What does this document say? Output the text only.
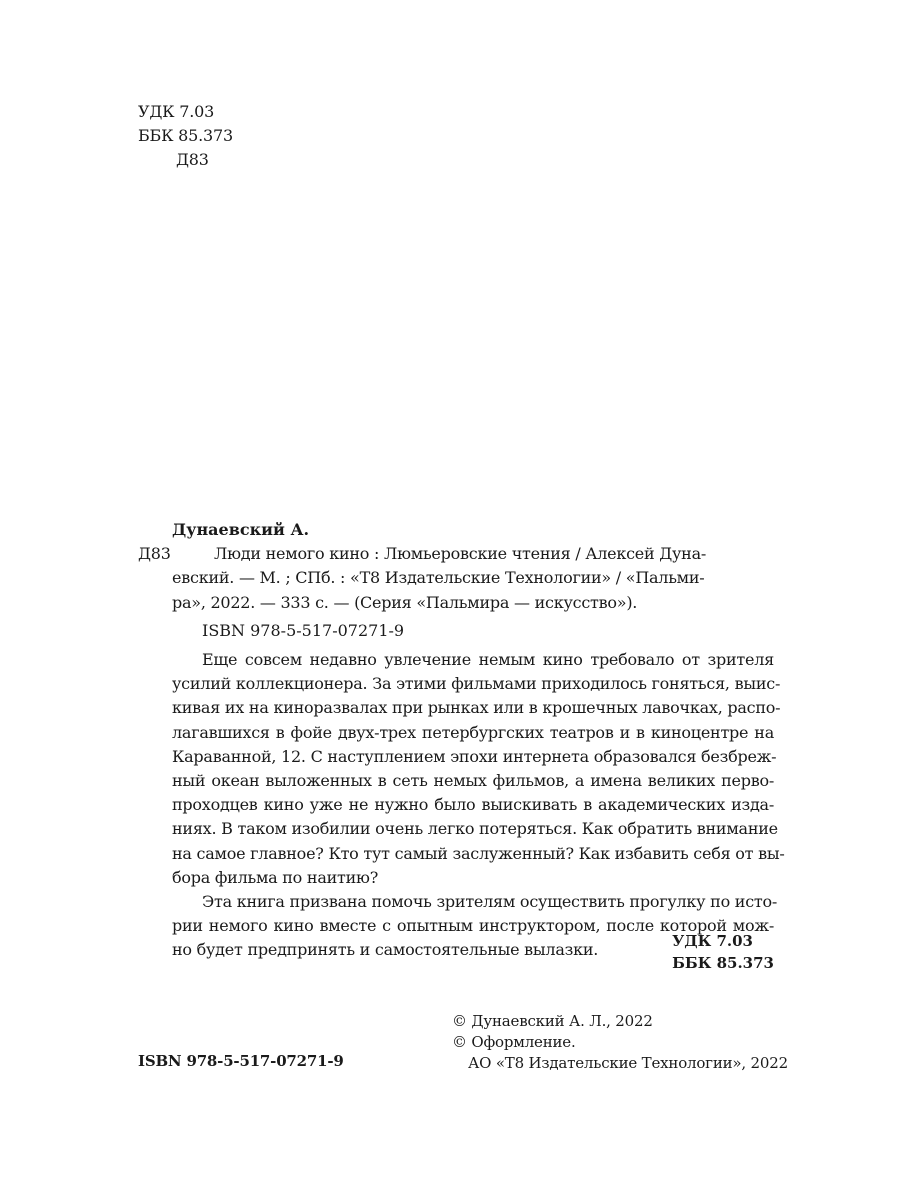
УДК 7.03
ББК 85.373
Д83
Дунаевский А.
Д83	Люди немого кино : Люмьеровские чтения / Алексей Дуна-
евский. — М. ; СПб. : «Т8 Издательские Технологии» / «Пальми-
ра», 2022. — 333 с. — (Серия «Пальмира — искусство»).
ISBN 978-5-517-07271-9
Еще совсем недавно увлечение немым кино требовало от зрителя
усилий коллекционера. За этими фильмами приходилось гоняться, выис-
кивая их на киноразвалах при рынках или в крошечных лавочках, распо-
лагавшихся в фойе двух-трех петербургских театров и в киноцентре на
Караванной, 12. С наступлением эпохи интернета образовался безбреж-
ный океан выложенных в сеть немых фильмов, а имена великих перво-
проходцев кино уже не нужно было выискивать в академических изда-
ниях. В таком изобилии очень легко потеряться. Как обратить внимание
на самое главное? Кто тут самый заслуженный? Как избавить себя от вы-
бора фильма по наитию?
Эта книга призвана помочь зрителям осуществить прогулку по исто-
рии немого кино вместе с опытным инструктором, после которой мож-
но будет предпринять и самостоятельные вылазки.	УДК 7.03
ББК 85.373
© Дунаевский А. Л., 2022
© Оформление.
АО «Т8 Издательские Технологии», 2022
ISBN 978-5-517-07271-9
